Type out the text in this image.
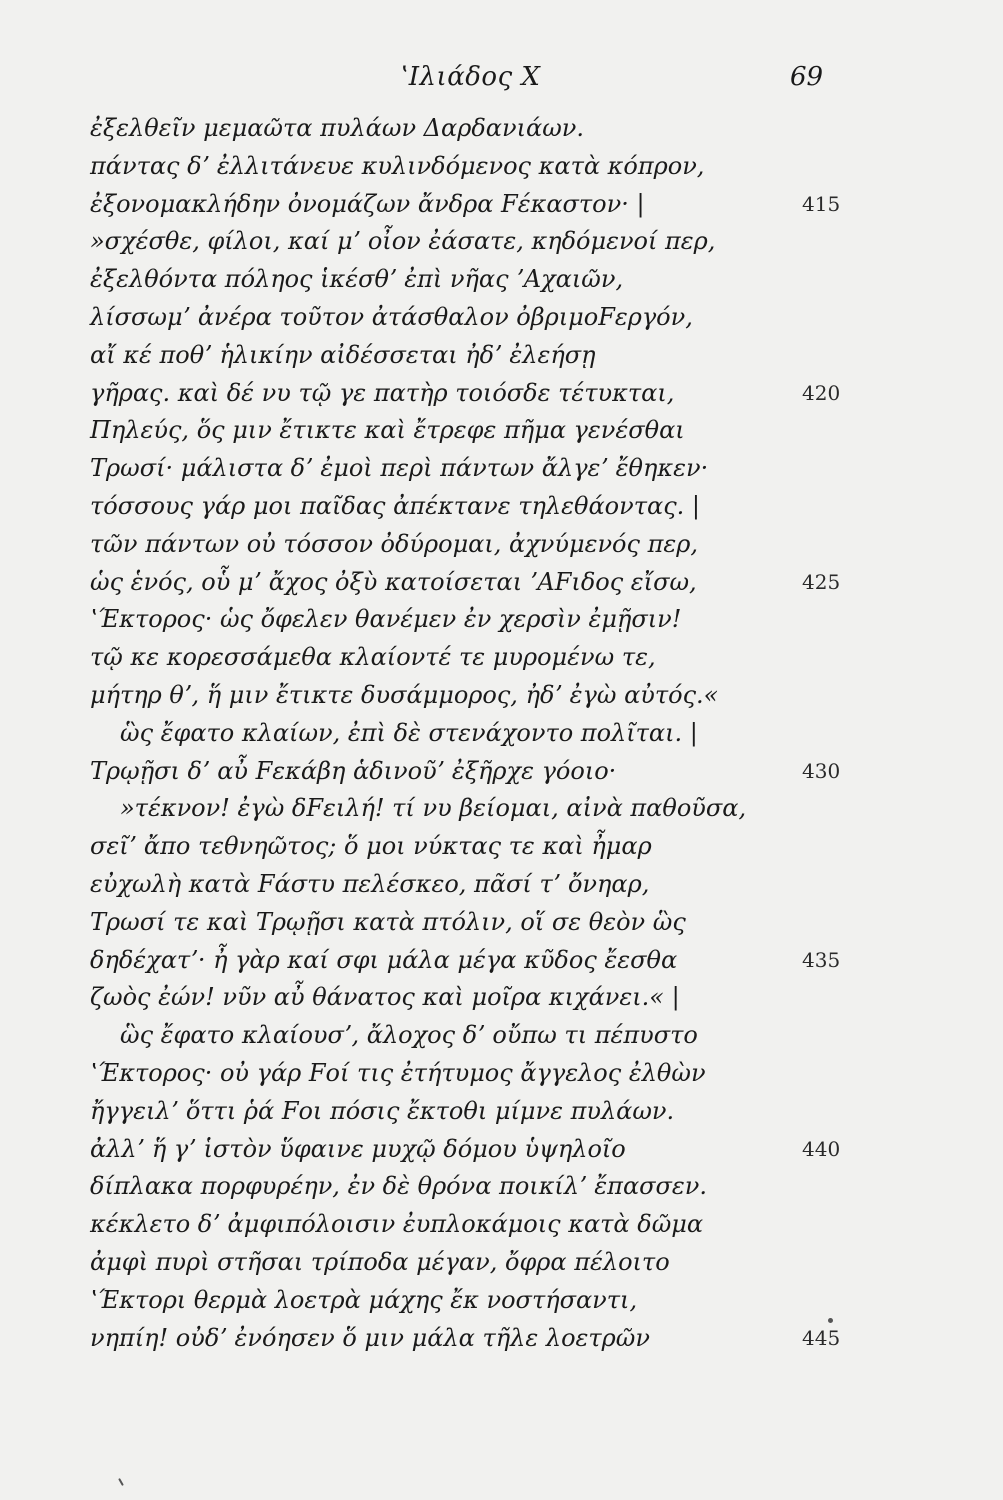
ʽΙλιάδος Χ	69
ἐξελθεῖν μεμαῶτα πυλάων Δαρδανιάων.
πάντας δʼ ἐλλιτάνευε κυλινδόμενος κατὰ κόπρον,
ἐξονομακλήδην ὀνομάζων ἄνδρα Fέκαστον· |	415
»σχέσθε, φίλοι, καί μʼ οἶον ἐάσατε, κηδόμενοί περ,
ἐξελθόντα πόληος ἱκέσθʼ ἐπὶ νῆας ʼΑχαιῶν,
λίσσωμʼ ἀνέρα τοῦτον ἀτάσθαλον ὀβριμοFεργόν,
αἴ κέ ποθʼ ἡλικίην αἰδέσσεται ἠδʼ ἐλεήσῃ
γῆρας. καὶ δέ νυ τῷ γε πατὴρ τοιόσδε τέτυκται,	420
Πηλεύς, ὅς μιν ἔτικτε καὶ ἔτρεφε πῆμα γενέσθαι
Τρωσί· μάλιστα δʼ ἐμοὶ περὶ πάντων ἄλγεʼ ἔθηκεν·
τόσσους γάρ μοι παῖδας ἀπέκτανε τηλεθάοντας. |
τῶν πάντων οὐ τόσσον ὀδύρομαι, ἀχνύμενός περ,
ὡς ἑνός, οὗ μʼ ἄχος ὀξὺ κατοίσεται ʼΑFιδος εἴσω,	425
ʽΈκτορος· ὡς ὄφελεν θανέμεν ἐν χερσὶν ἐμῇσιν!
τῷ κε κορεσσάμεθα κλαίοντέ τε μυρομένω τε,
μήτηρ θʼ, ἥ μιν ἔτικτε δυσάμμορος, ἠδʼ ἐγὼ αὐτός.«
ὣς ἔφατο κλαίων, ἐπὶ δὲ στενάχοντο πολῖται. |
Τρῳῇσι δʼ αὖ Fεκάβη ἁδινοῦʼ ἐξῆρχε γόοιο·	430
»τέκνον! ἐγὼ δFειλή! τί νυ βείομαι, αἰνὰ παθοῦσα,
σεῖʼ ἄπο τεθνηῶτος; ὅ μοι νύκτας τε καὶ ἦμαρ
εὐχωλὴ κατὰ Fάστυ πελέσκεο, πᾶσί τʼ ὄνηαρ,
Τρωσί τε καὶ Τρῳῇσι κατὰ πτόλιν, οἵ σε θεὸν ὣς
δηδέχατʼ· ἦ γὰρ καί σφι μάλα μέγα κῦδος ἔεσθα	435
ζωὸς ἐών! νῦν αὖ θάνατος καὶ μοῖρα κιχάνει.« |
ὣς ἔφατο κλαίουσʼ, ἄλοχος δʼ οὔπω τι πέπυστο
ʽΈκτορος· οὐ γάρ Fοί τις ἐτήτυμος ἄγγελος ἐλθὼν
ἤγγειλʼ ὅττι ῥά Fοι πόσις ἔκτοθι μίμνε πυλάων.
ἀλλʼ ἥ γʼ ἱστὸν ὕφαινε μυχῷ δόμου ὑψηλοῖο	440
δίπλακα πορφυρέην, ἐν δὲ θρόνα ποικίλʼ ἔπασσεν.
κέκλετο δʼ ἀμφιπόλοισιν ἐυπλοκάμοις κατὰ δῶμα
ἀμφὶ πυρὶ στῆσαι τρίποδα μέγαν, ὄφρα πέλοιτο
ʽΈκτορι θερμὰ λοετρὰ μάχης ἔκ νοστήσαντι,
νηπίη! οὐδʼ ἐνόησεν ὅ μιν μάλα τῆλε λοετρῶν	445
